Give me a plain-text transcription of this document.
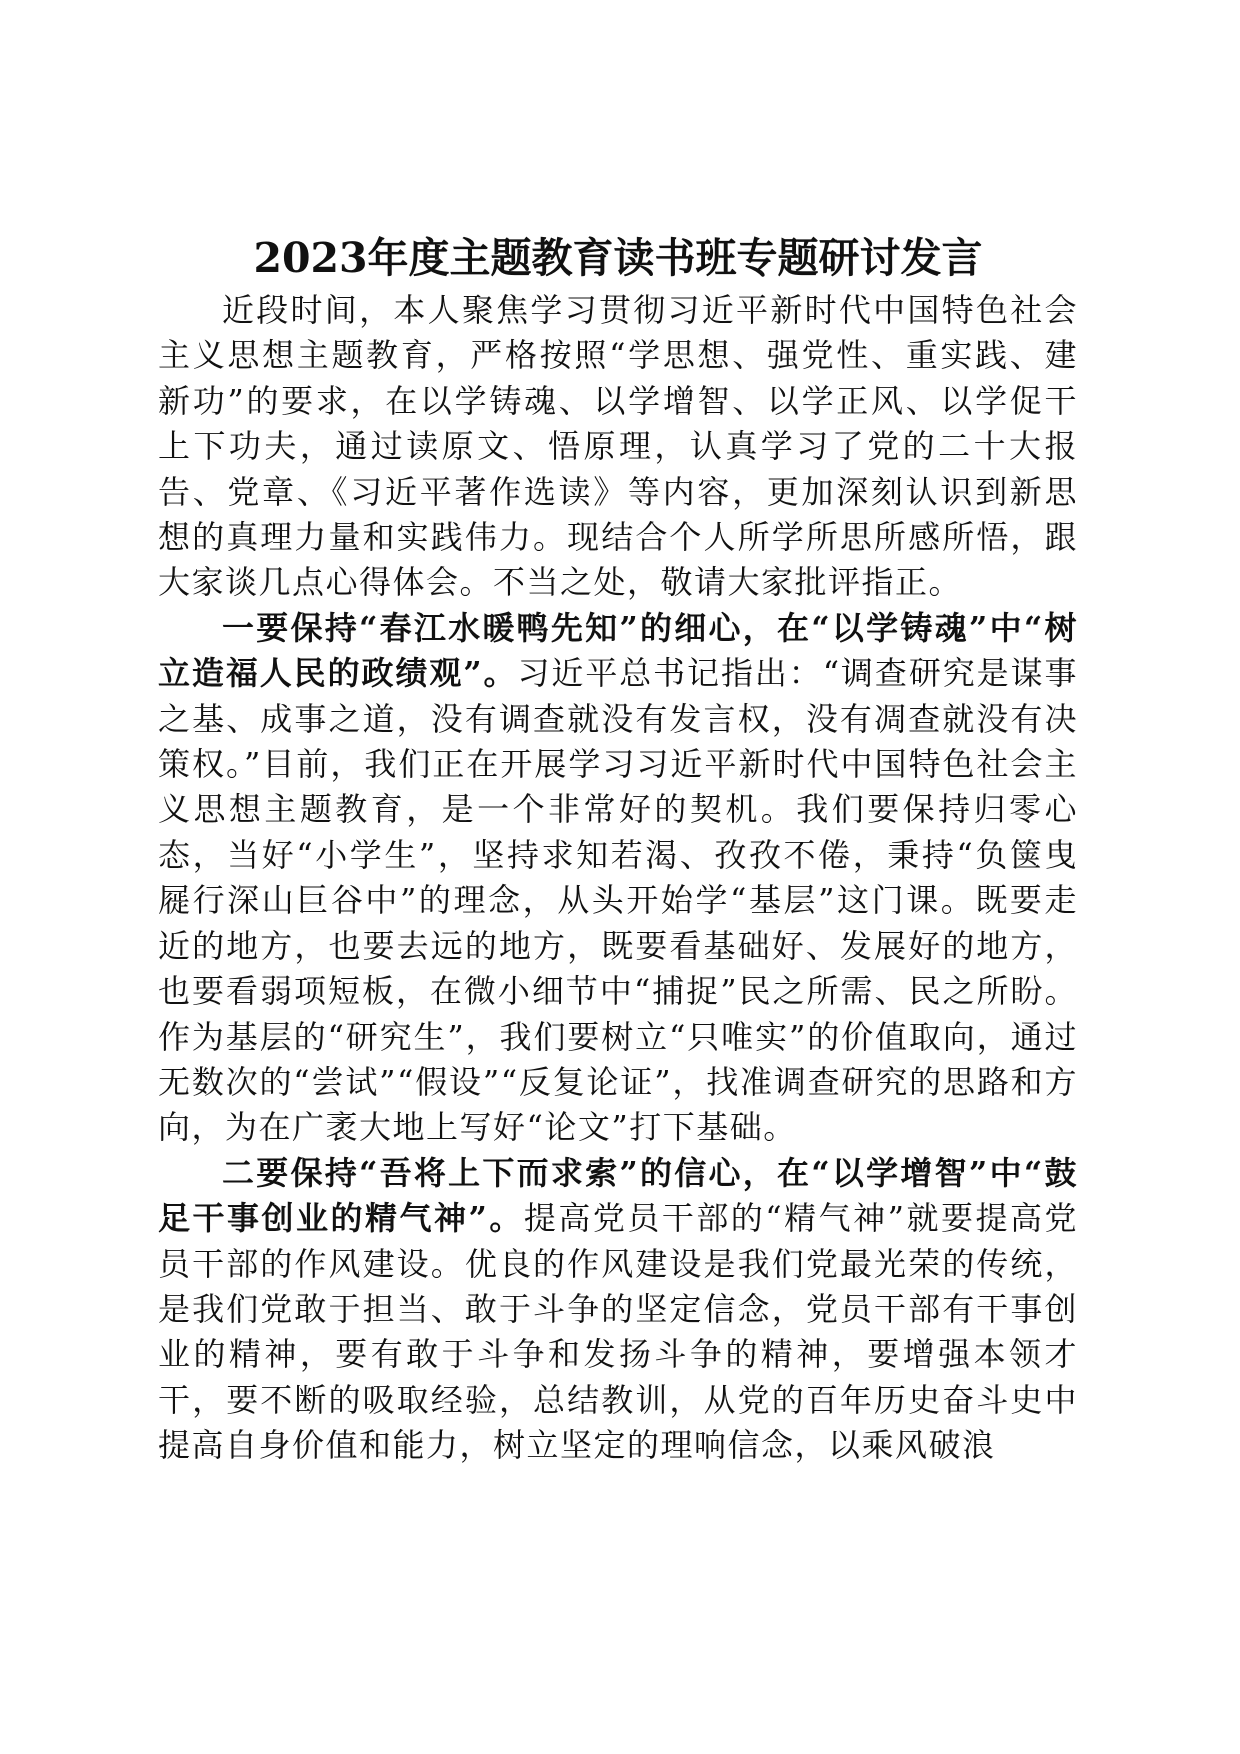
2023年度主题教育读书班专题研讨发言

近段时间，本人聚焦学习贯彻习近平新时代中国特色社会主义思想主题教育，严格按照“学思想、强党性、重实践、建新功”的要求，在以学铸魂、以学增智、以学正风、以学促干上下功夫，通过读原文、悟原理，认真学习了党的二十大报告、党章、《习近平著作选读》等内容，更加深刻认识到新思想的真理力量和实践伟力。现结合个人所学所思所感所悟，跟大家谈几点心得体会。不当之处，敬请大家批评指正。

一要保持“春江水暖鸭先知”的细心，在“以学铸魂”中“树立造福人民的政绩观”。习近平总书记指出：“调查研究是谋事之基、成事之道，没有调查就没有发言权，没有凋查就没有决策权。”目前，我们正在开展学习习近平新时代中国特色社会主义思想主题教育，是一个非常好的契机。我们要保持归零心态，当好“小学生”，坚持求知若渴、孜孜不倦，秉持“负箧曳屣行深山巨谷中”的理念，从头开始学“基层”这门课。既要走近的地方，也要去远的地方，既要看基础好、发展好的地方，也要看弱项短板，在微小细节中“捕捉”民之所需、民之所盼。作为基层的“研究生”，我们要树立“只唯实”的价值取向，通过无数次的“尝试”“假设”“反复论证”，找准调查研究的思路和方向，为在广袤大地上写好“论文”打下基础。

二要保持“吾将上下而求索”的信心，在“以学增智”中“鼓足干事创业的精气神”。提高党员干部的“精气神”就要提高党员干部的作风建设。优良的作风建设是我们党最光荣的传统，是我们党敢于担当、敢于斗争的坚定信念，党员干部有干事创业的精神，要有敢于斗争和发扬斗争的精神，要增强本领才干，要不断的吸取经验，总结教训，从党的百年历史奋斗史中提高自身价值和能力，树立坚定的理响信念，以乘风破浪
